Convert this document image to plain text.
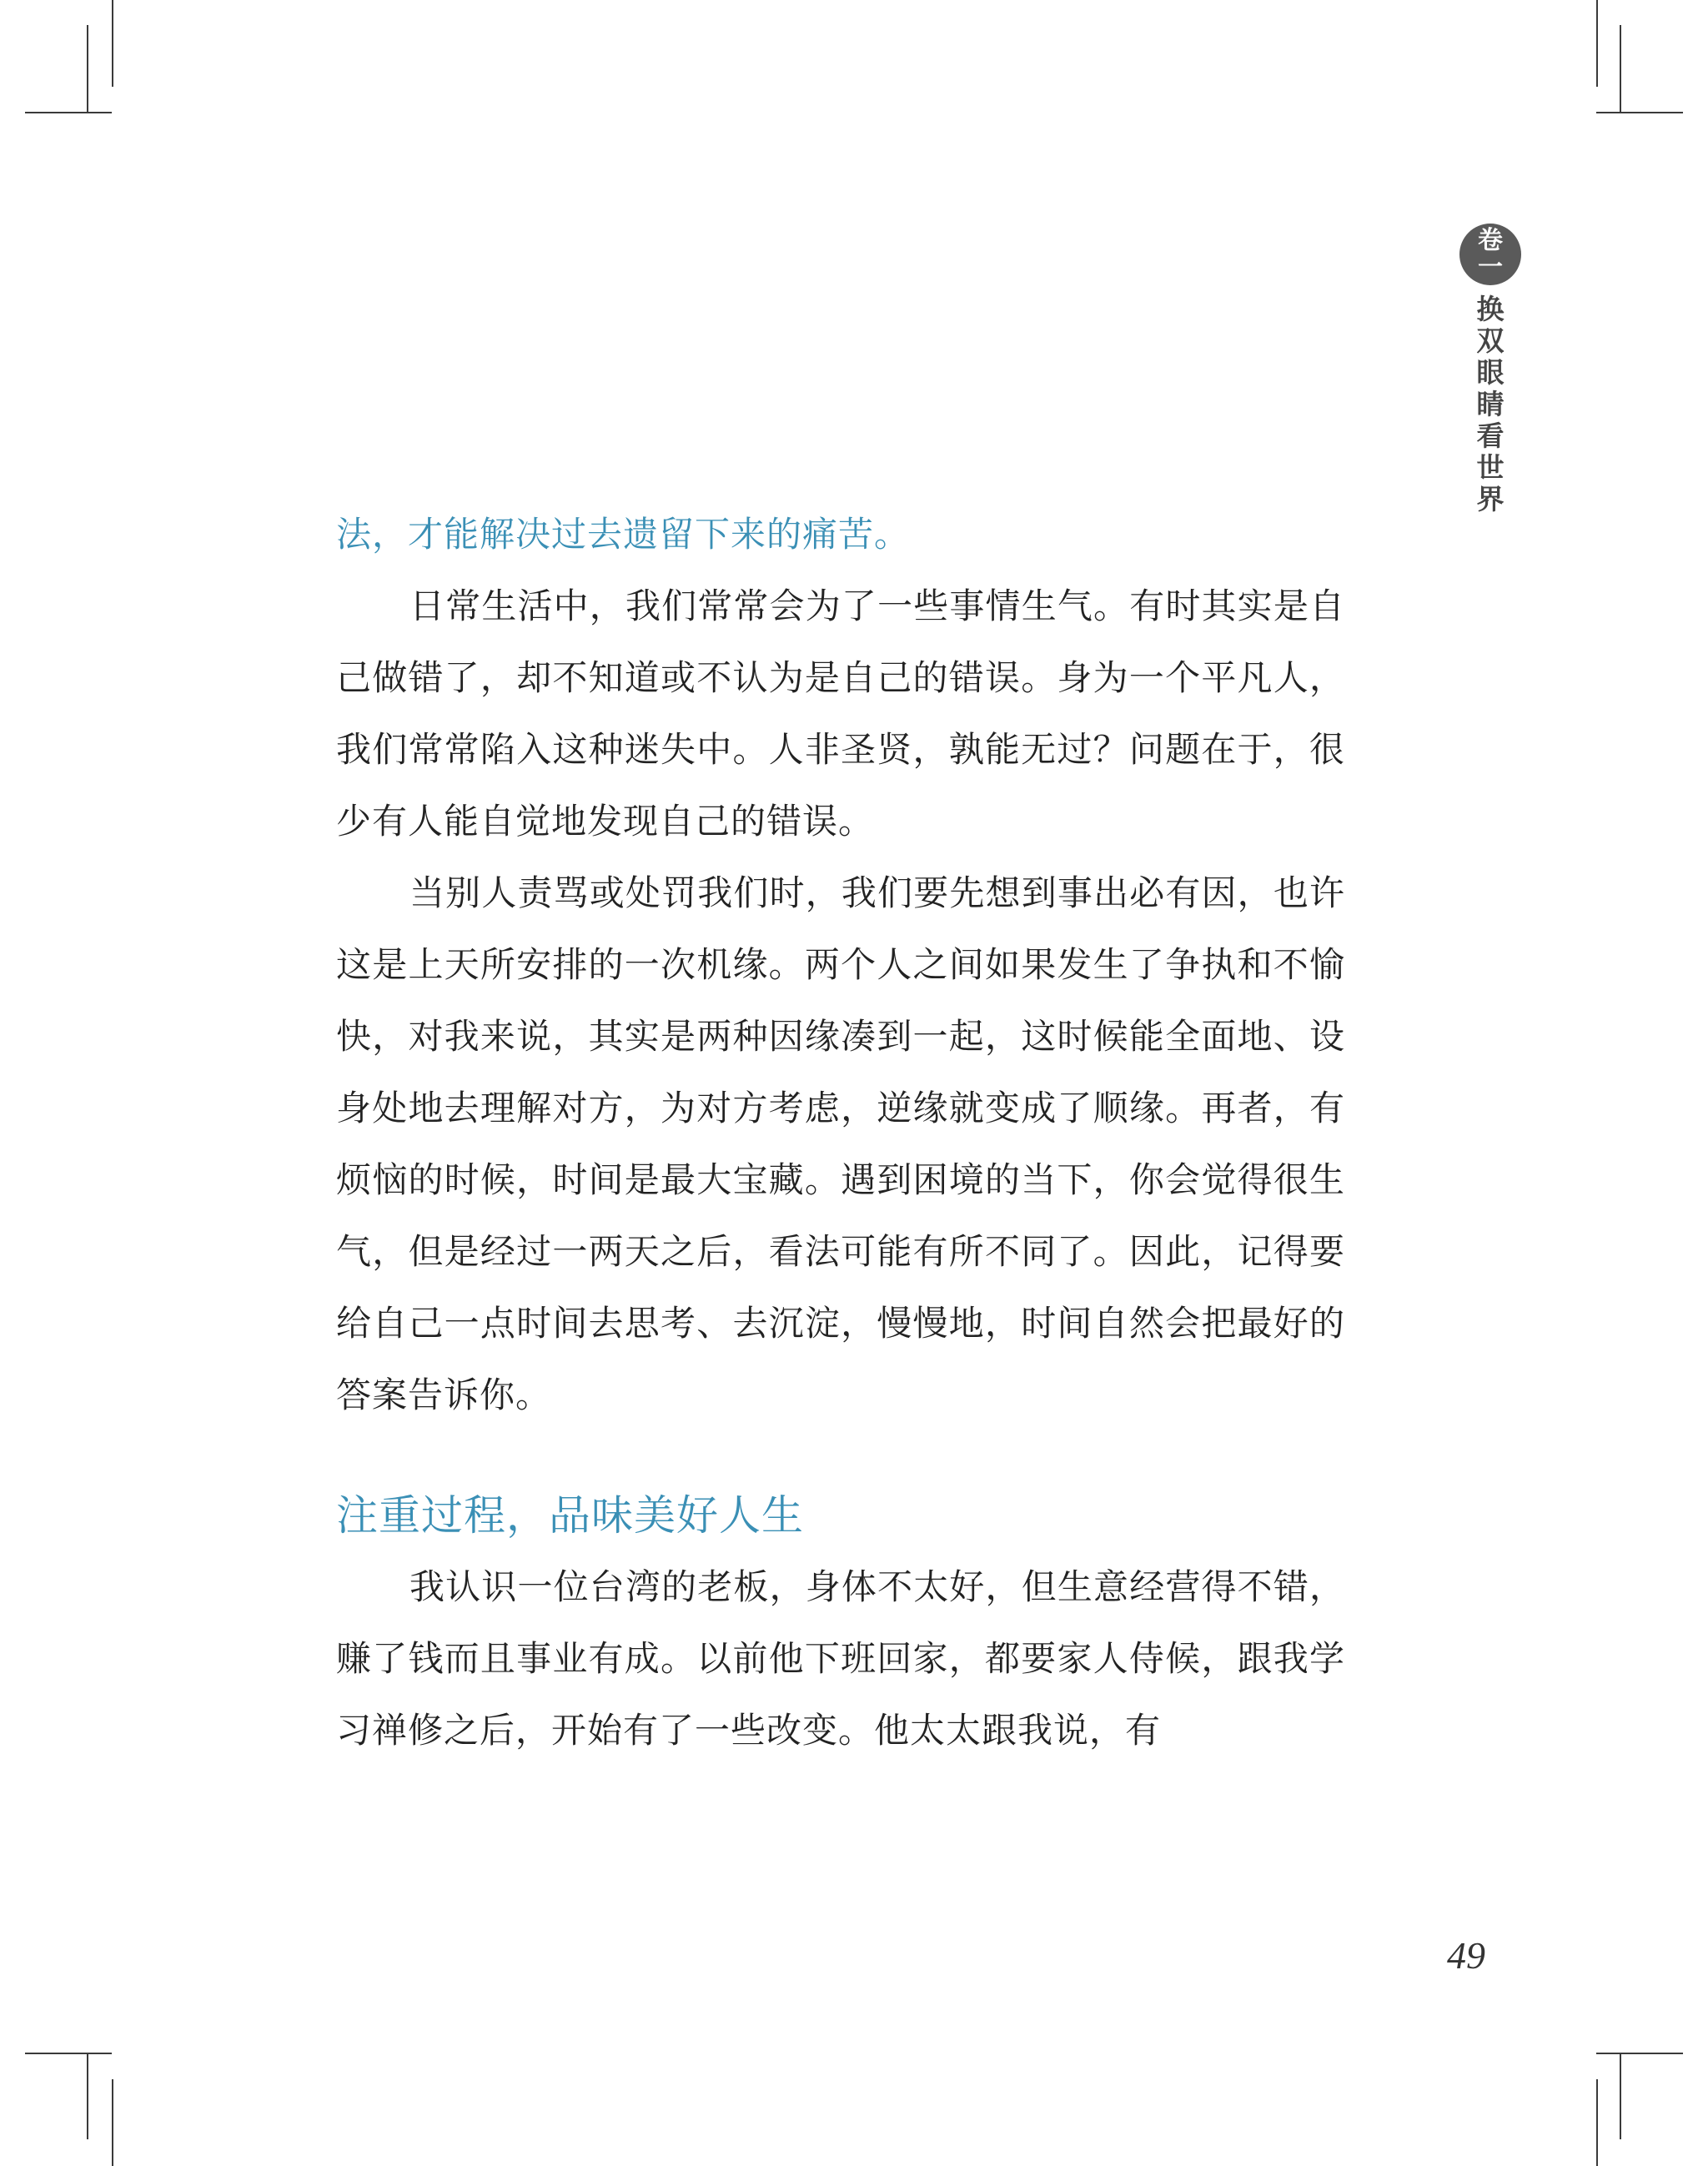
卷
一
换
双
眼
睛
看
世
界

法，才能解决过去遗留下来的痛苦。

日常生活中，我们常常会为了一些事情生气。有时其实是自己做错了，却不知道或不认为是自己的错误。身为一个平凡人，我们常常陷入这种迷失中。人非圣贤，孰能无过？问题在于，很少有人能自觉地发现自己的错误。

当别人责骂或处罚我们时，我们要先想到事出必有因，也许这是上天所安排的一次机缘。两个人之间如果发生了争执和不愉快，对我来说，其实是两种因缘凑到一起，这时候能全面地、设身处地去理解对方，为对方考虑，逆缘就变成了顺缘。再者，有烦恼的时候，时间是最大宝藏。遇到困境的当下，你会觉得很生气，但是经过一两天之后，看法可能有所不同了。因此，记得要给自己一点时间去思考、去沉淀，慢慢地，时间自然会把最好的答案告诉你。

注重过程，品味美好人生

我认识一位台湾的老板，身体不太好，但生意经营得不错，赚了钱而且事业有成。以前他下班回家，都要家人侍候，跟我学习禅修之后，开始有了一些改变。他太太跟我说，有

49
